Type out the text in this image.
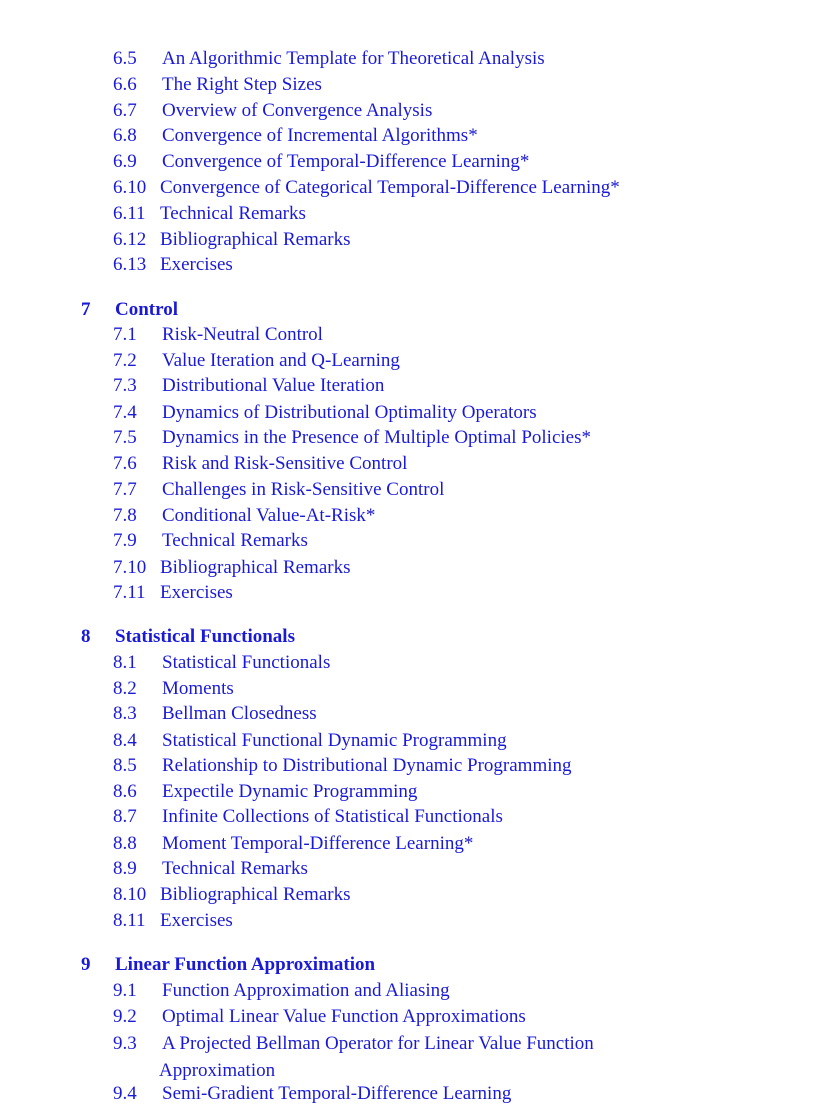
6.5 An Algorithmic Template for Theoretical Analysis
6.6 The Right Step Sizes
6.7 Overview of Convergence Analysis
6.8 Convergence of Incremental Algorithms*
6.9 Convergence of Temporal-Difference Learning*
6.10 Convergence of Categorical Temporal-Difference Learning*
6.11 Technical Remarks
6.12 Bibliographical Remarks
6.13 Exercises
7 Control
7.1 Risk-Neutral Control
7.2 Value Iteration and Q-Learning
7.3 Distributional Value Iteration
7.4 Dynamics of Distributional Optimality Operators
7.5 Dynamics in the Presence of Multiple Optimal Policies*
7.6 Risk and Risk-Sensitive Control
7.7 Challenges in Risk-Sensitive Control
7.8 Conditional Value-At-Risk*
7.9 Technical Remarks
7.10 Bibliographical Remarks
7.11 Exercises
8 Statistical Functionals
8.1 Statistical Functionals
8.2 Moments
8.3 Bellman Closedness
8.4 Statistical Functional Dynamic Programming
8.5 Relationship to Distributional Dynamic Programming
8.6 Expectile Dynamic Programming
8.7 Infinite Collections of Statistical Functionals
8.8 Moment Temporal-Difference Learning*
8.9 Technical Remarks
8.10 Bibliographical Remarks
8.11 Exercises
9 Linear Function Approximation
9.1 Function Approximation and Aliasing
9.2 Optimal Linear Value Function Approximations
9.3 A Projected Bellman Operator for Linear Value Function
Approximation
9.4 Semi-Gradient Temporal-Difference Learning
